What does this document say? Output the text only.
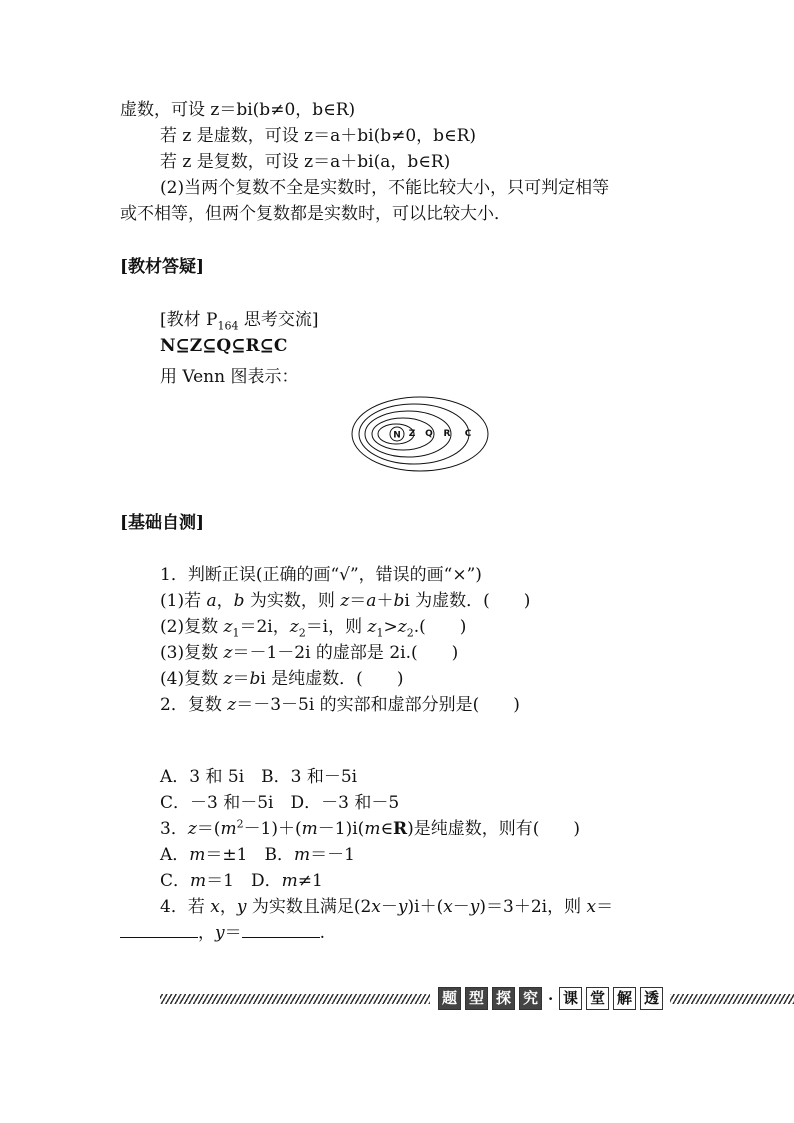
虚数，可设 z＝bi(b≠0，b∈R)
若 z 是虚数，可设 z＝a＋bi(b≠0，b∈R)
若 z 是复数，可设 z＝a＋bi(a，b∈R)
(2)当两个复数不全是实数时，不能比较大小，只可判定相等
或不相等，但两个复数都是实数时，可以比较大小．
[教材答疑]
[教材 $P_{164}$ 思考交流]
N⊆Z⊆Q⊆R⊆C
用 Venn 图表示：
N Z Q R C
[基础自测]
1．判断正误(正确的画“√”，错误的画“×”)
(1)若 a，b 为实数，则 z＝a＋bi 为虚数．(　　)
(2)复数 $z_1=2i$，$z_2=i$，则 $z_1>z_2$.(　　)
(3)复数 z＝－1－2i 的虚部是 2i.(　　)
(4)复数 z＝bi 是纯虚数．(　　)
2．复数 z＝－3－5i 的实部和虚部分别是(　　)
A．3 和 5i　B．3 和－5i
C．－3 和－5i　D．－3 和－5
3．$z=(m^2-1)+(m-1)i(m\in R)$是纯虚数，则有(　　)
A．m＝±1　B．m＝－1
C．m＝1　D．m≠1
4．若 x，y 为实数且满足(2x－y)i＋(x－y)＝3＋2i，则 x＝
，y＝	.
题 型 探 究 · 课 堂 解 透
